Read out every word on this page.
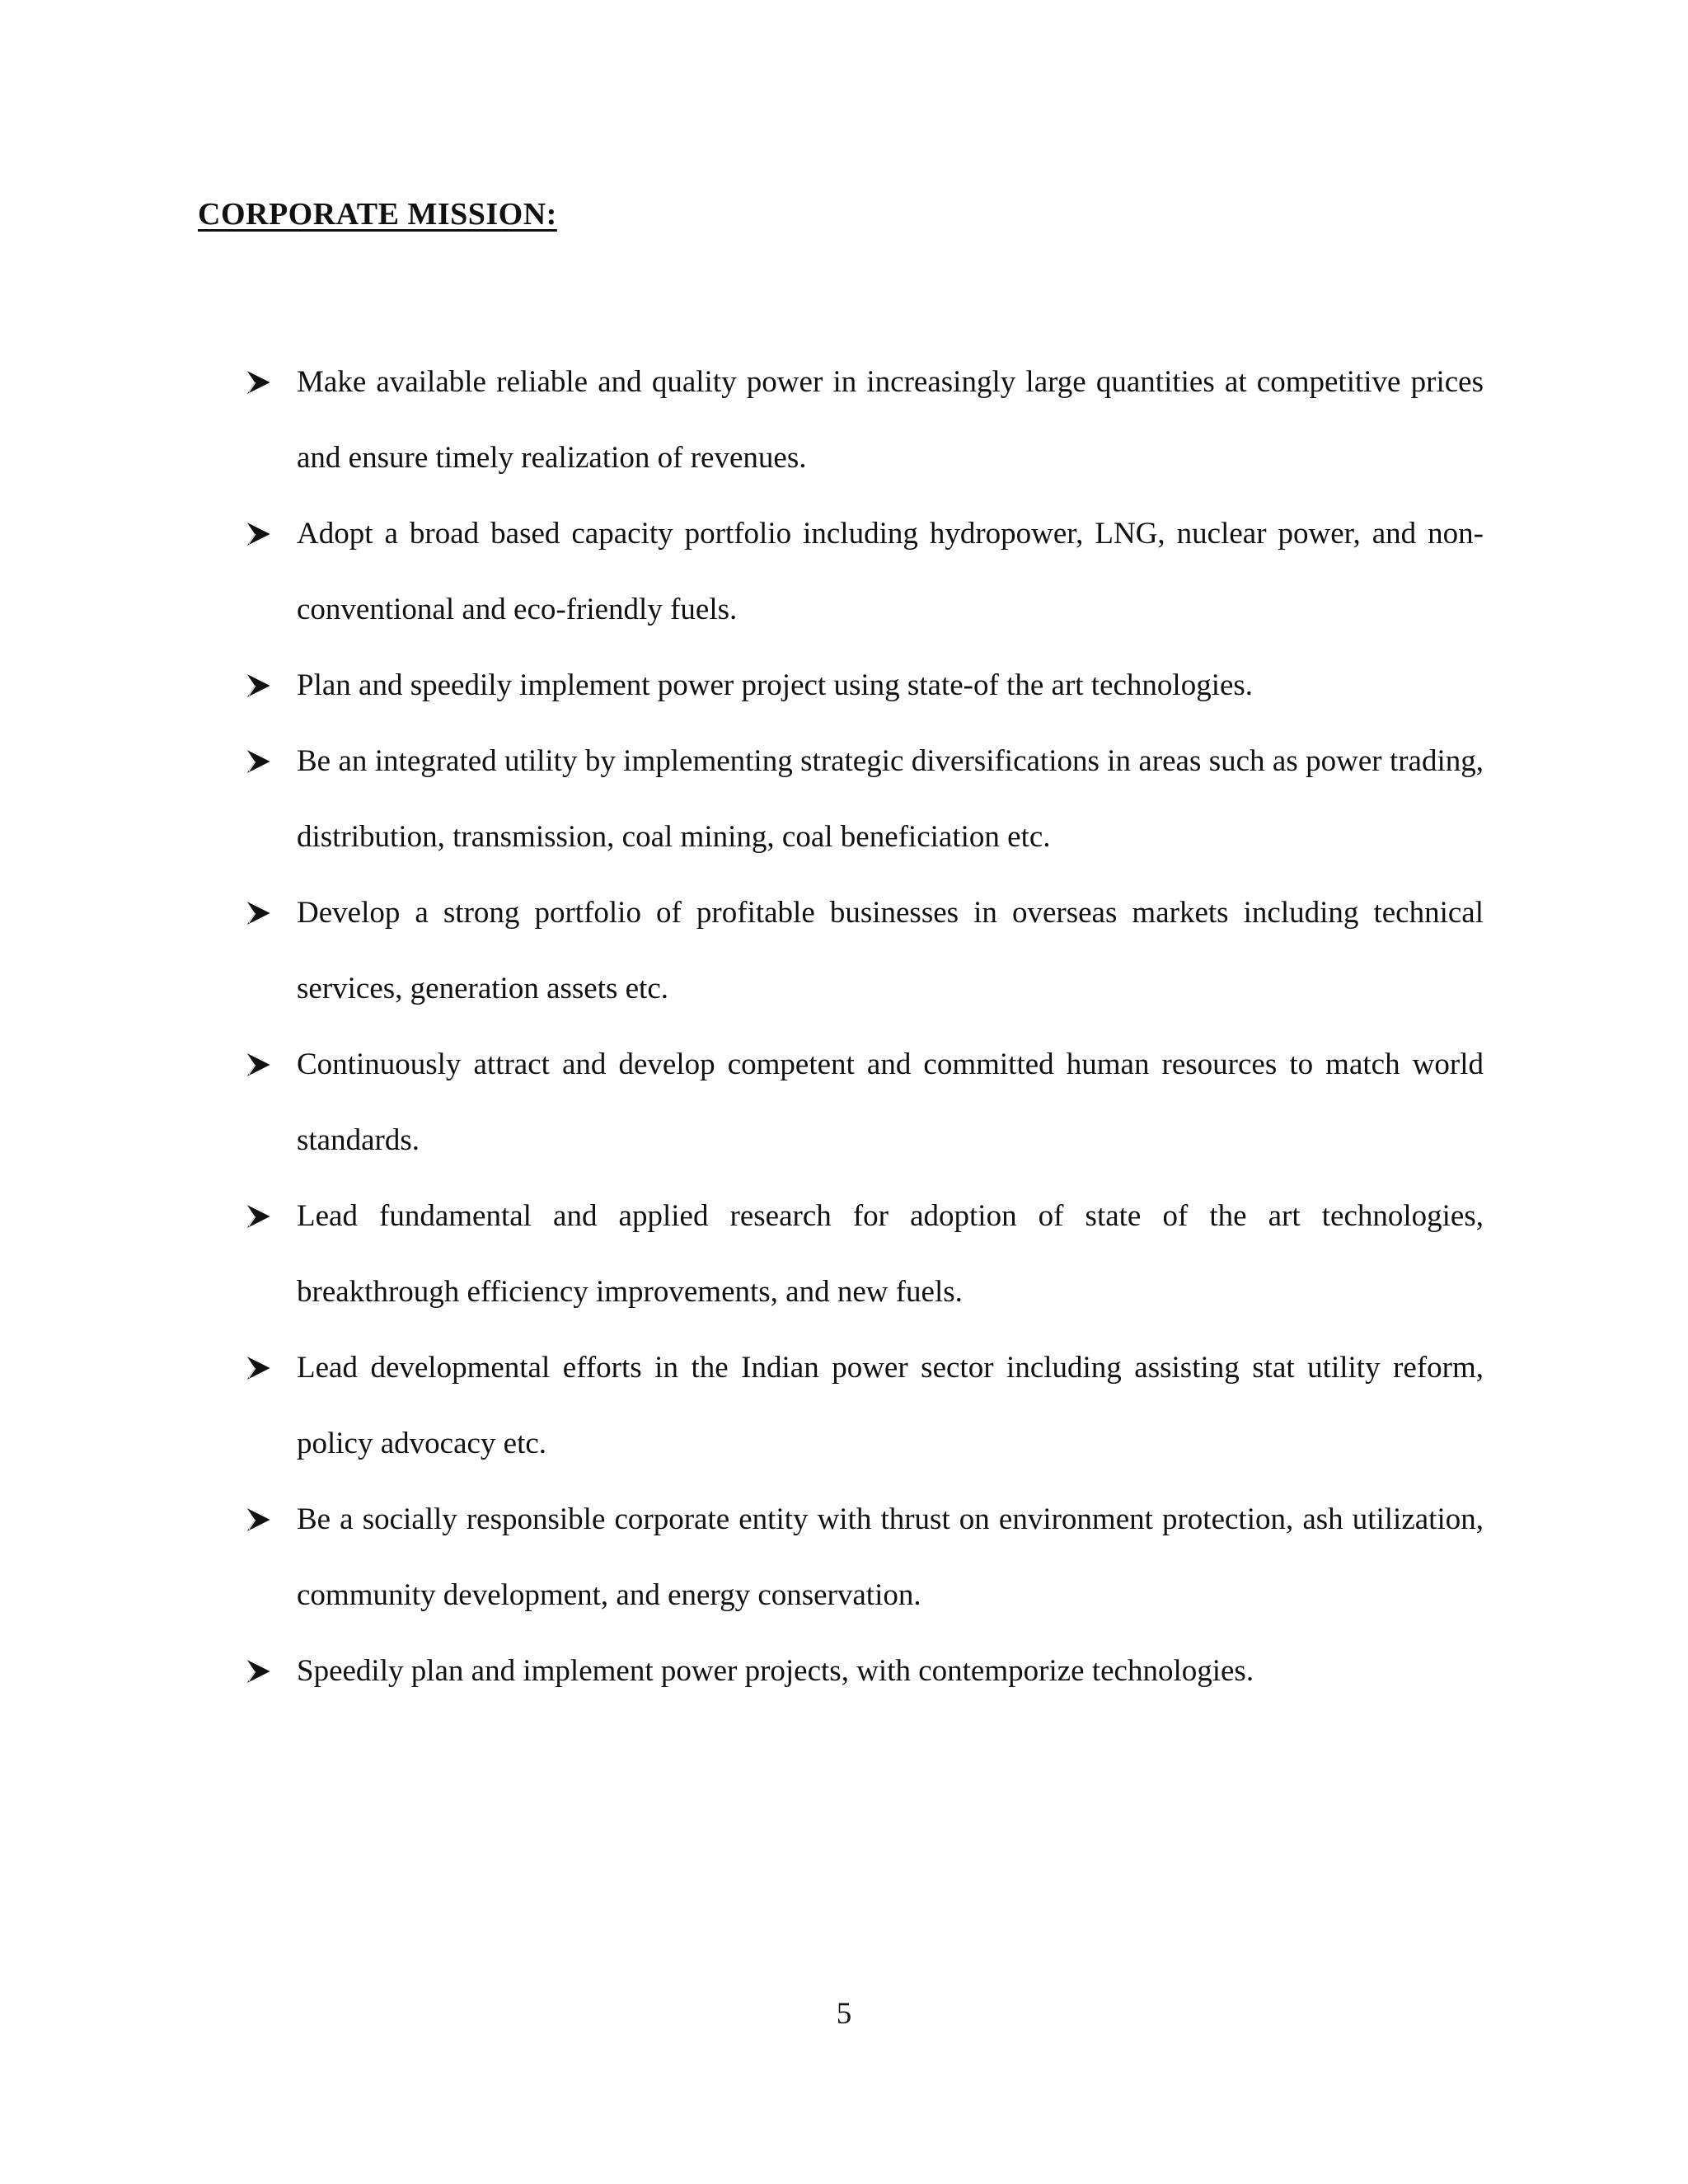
CORPORATE MISSION:
Make available reliable and quality power in increasingly large quantities at competitive prices and ensure timely realization of revenues.
Adopt a broad based capacity portfolio including hydropower, LNG, nuclear power, and non-conventional and eco-friendly fuels.
Plan and speedily implement power project using state-of the art technologies.
Be an integrated utility by implementing strategic diversifications in areas such as power trading, distribution, transmission, coal mining, coal beneficiation etc.
Develop a strong portfolio of profitable businesses in overseas markets including technical services, generation assets etc.
Continuously attract and develop competent and committed human resources to match world standards.
Lead fundamental and applied research for adoption of state of the art technologies, breakthrough efficiency improvements, and new fuels.
Lead developmental efforts in the Indian power sector including assisting stat utility reform, policy advocacy etc.
Be a socially responsible corporate entity with thrust on environment protection, ash utilization, community development, and energy conservation.
Speedily plan and implement power projects, with contemporize technologies.
5
